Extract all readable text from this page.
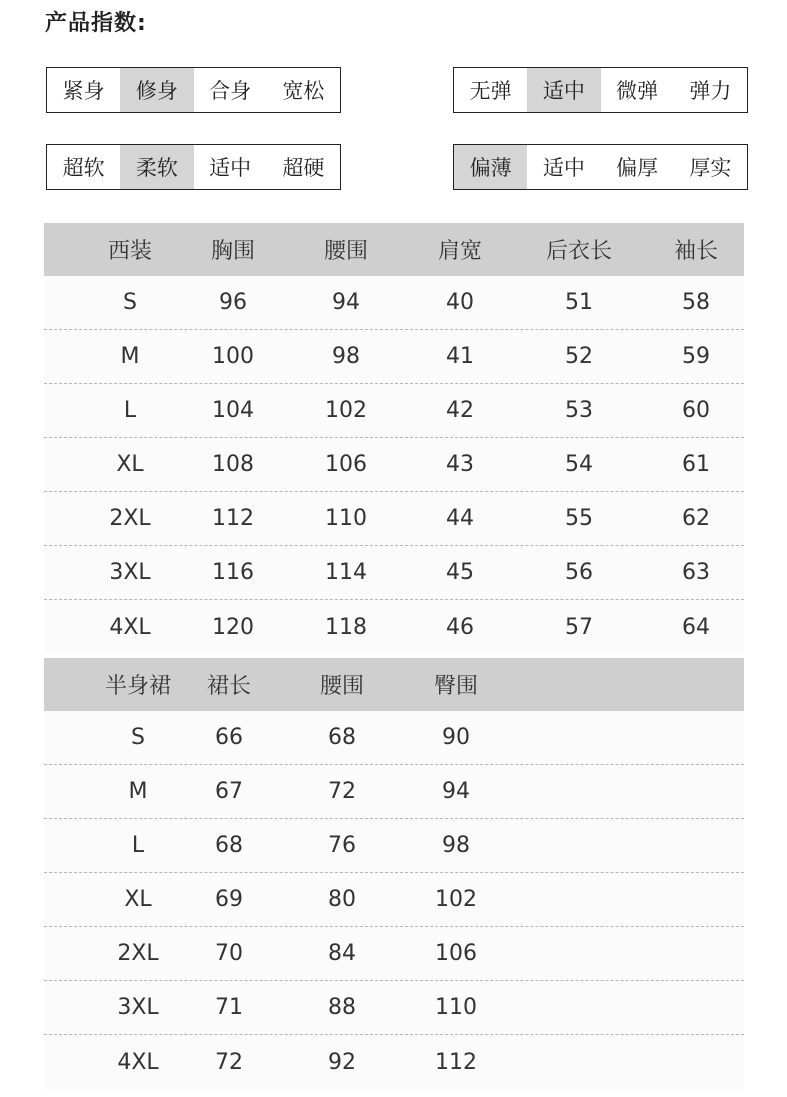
产品指数:
紧身	修身	合身	宽松	无弹	适中	微弹	弹力
超软	柔软	适中	超硬	偏薄	适中	偏厚	厚实
西装	胸围	腰围	肩宽	后衣长	袖长
S	96	94	40	51	58
M	100	98	41	52	59
L	104	102	42	53	60
XL	108	106	43	54	61
2XL	112	110	44	55	62
3XL	116	114	45	56	63
4XL	120	118	46	57	64
半身裙	裙长	腰围	臀围
S	66	68	90
M	67	72	94
L	68	76	98
XL	69	80	102
2XL	70	84	106
3XL	71	88	110
4XL	72	92	112
